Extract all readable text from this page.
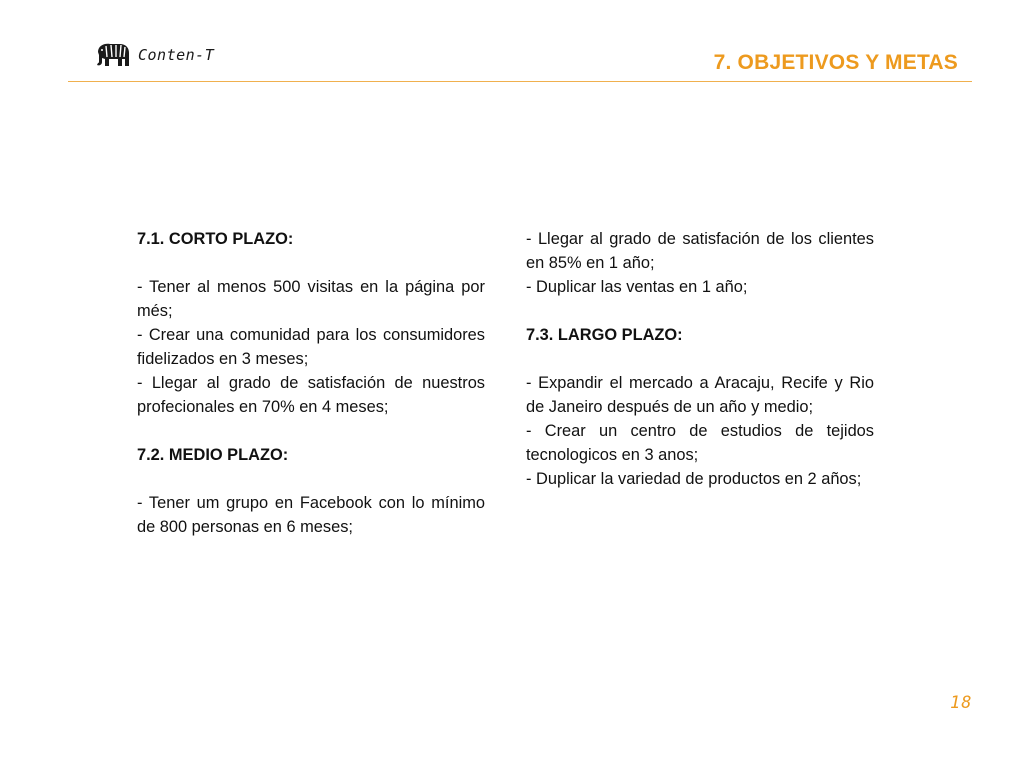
Conten-T	7. OBJETIVOS Y METAS

7.1. CORTO PLAZO:

- Tener al menos 500 visitas en la página por més;

- Crear una comunidad para los consumidores fidelizados en 3 meses;

- Llegar al grado de satisfación de nuestros profecionales en 70% en 4 meses;

7.2. MEDIO PLAZO:

- Tener um grupo en Facebook con lo mínimo de 800 personas en 6 meses;

- Llegar al grado de satisfación de los clientes en 85% en 1 año;

- Duplicar las ventas en 1 año;

7.3. LARGO PLAZO:

- Expandir el mercado a Aracaju, Recife y Rio de Janeiro después de un año y medio;

- Crear un centro de estudios de tejidos tecnologicos en 3 anos;

- Duplicar la variedad de productos en 2 años;

18
